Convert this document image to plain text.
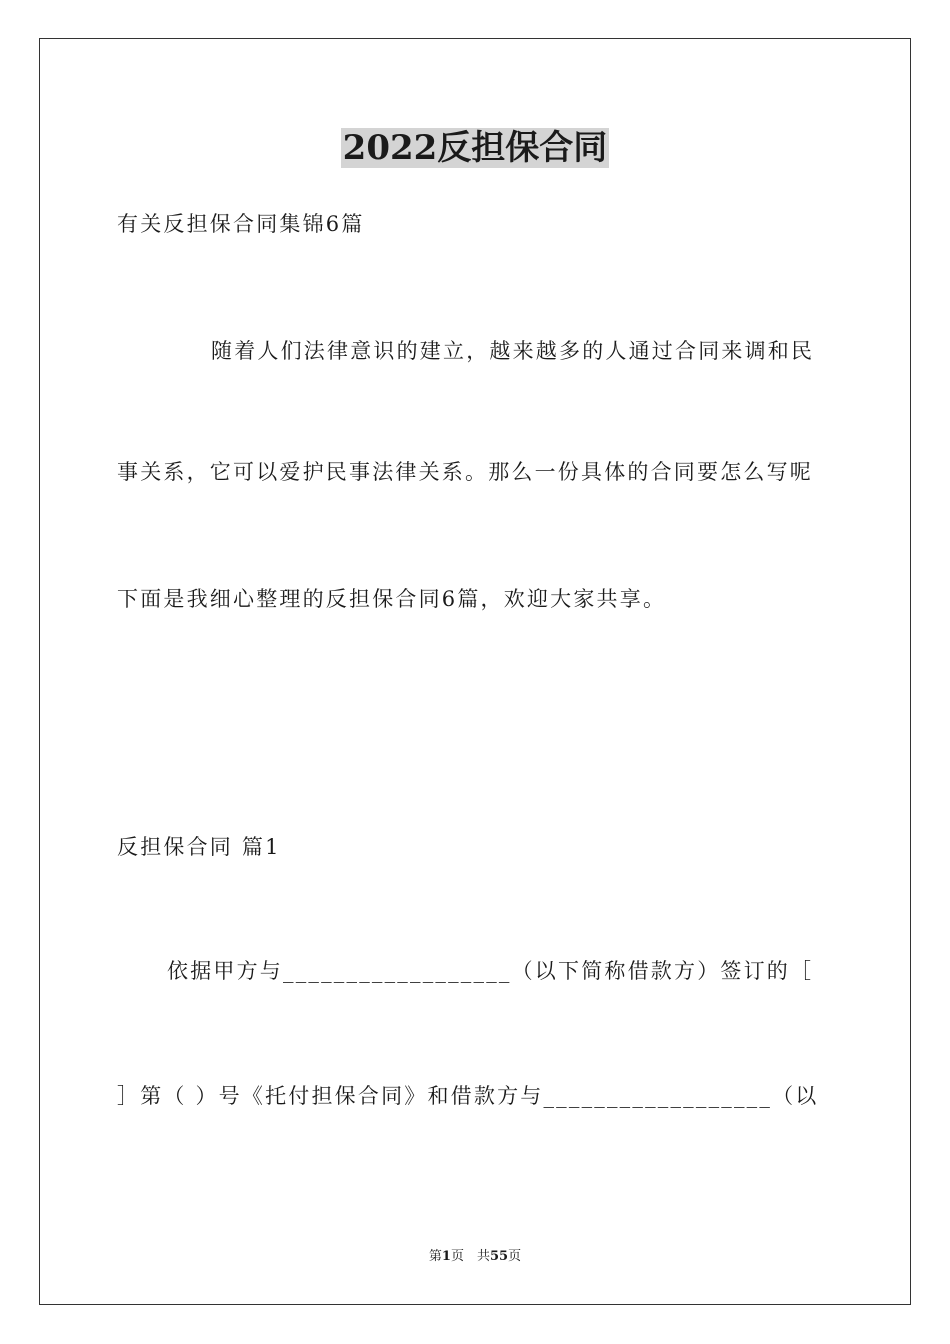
2022反担保合同
有关反担保合同集锦6篇
随着人们法律意识的建立，越来越多的人通过合同来调和民
事关系，它可以爱护民事法律关系。那么一份具体的合同要怎么写呢
下面是我细心整理的反担保合同6篇，欢迎大家共享。
反担保合同 篇1
依据甲方与__________________（以下简称借款方）签订的［
］第（ ）号《托付担保合同》和借款方与__________________（以
第1页　共55页
